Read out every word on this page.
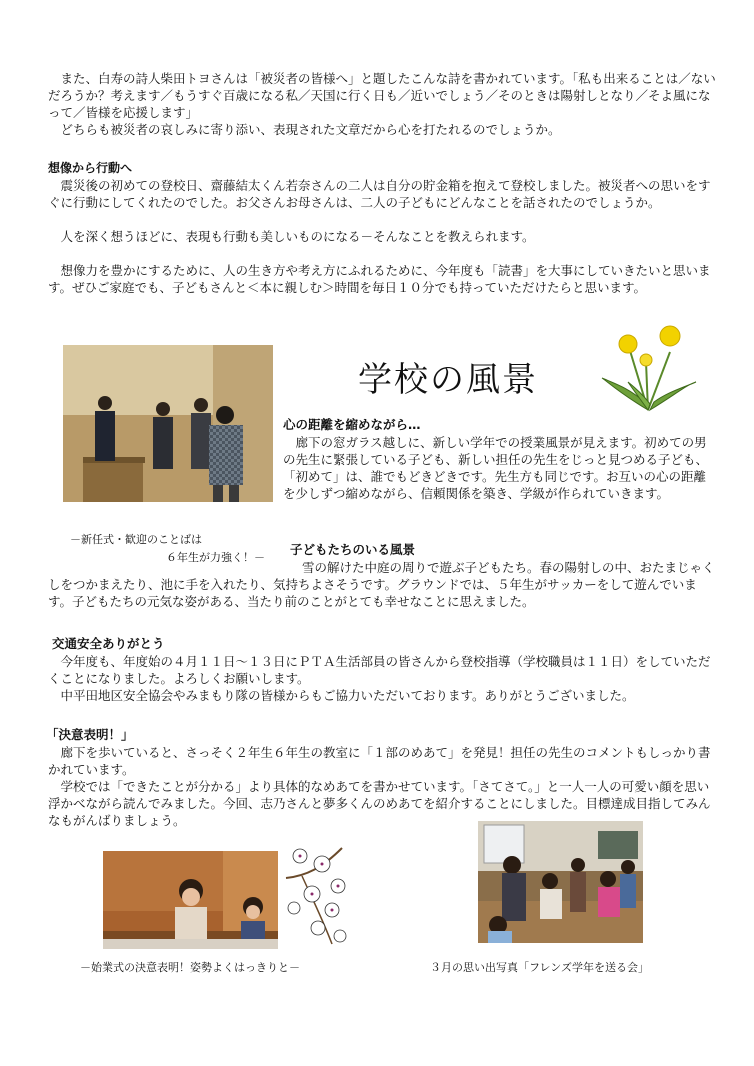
また、白寿の詩人柴田トヨさんは「被災者の皆様へ」と題したこんな詩を書かれています。「私も出来ることは／ないだろうか？考えます／もうすぐ百歳になる私／天国に行く日も／近いでしょう／そのときは陽射しとなり／そよ風になって／皆様を応援します」

どちらも被災者の哀しみに寄り添い、表現された文章だから心を打たれるのでしょうか。

想像から行動へ

震災後の初めての登校日、齋藤結太くん若奈さんの二人は自分の貯金箱を抱えて登校しました。被災者への思いをすぐに行動にしてくれたのでした。お父さんお母さんは、二人の子どもにどんなことを話されたのでしょうか。

人を深く想うほどに、表現も行動も美しいものになる－そんなことを教えられます。

想像力を豊かにするために、人の生き方や考え方にふれるために、今年度も「読書」を大事にしていきたいと思います。ぜひご家庭でも、子どもさんと＜本に親しむ＞時間を毎日１０分でも持っていただけたらと思います。

－新任式・歓迎のことばは
６年生が力強く！－
学校の風景
心の距離を縮めながら…
廊下の窓ガラス越しに、新しい学年での授業風景が見えます。初めての男の先生に緊張している子ども、新しい担任の先生をじっと見つめる子ども、「初めて」は、誰でもどきどきです。先生方も同じです。お互いの心の距離を少しずつ縮めながら、信頼関係を築き、学級が作られていきます。
子どもたちのいる風景
雪の解けた中庭の周りで遊ぶ子どもたち。春の陽射しの中、おたまじゃくしをつかまえたり、池に手を入れたり、気持ちよさそうです。グラウンドでは、５年生がサッカーをして遊んでいます。子どもたちの元気な姿がある、当たり前のことがとても幸せなことに思えました。
交通安全ありがとう

今年度も、年度始の４月１１日～１３日にＰＴＡ生活部員の皆さんから登校指導（学校職員は１１日）をしていただくことになりました。よろしくお願いします。

中平田地区安全協会やみまもり隊の皆様からもご協力いただいております。ありがとうございました。

「決意表明！」

廊下を歩いていると、さっそく２年生６年生の教室に「１部のめあて」を発見！担任の先生のコメントもしっかり書かれています。

学校では「できたことが分かる」より具体的なめあてを書かせています。「さてさて。」と一人一人の可愛い顔を思い浮かべながら読んでみました。今回、志乃さんと夢多くんのめあてを紹介することにしました。目標達成目指してみんなもがんばりましょう。

－始業式の決意表明！姿勢よくはっきりと－	３月の思い出写真「フレンズ学年を送る会」
